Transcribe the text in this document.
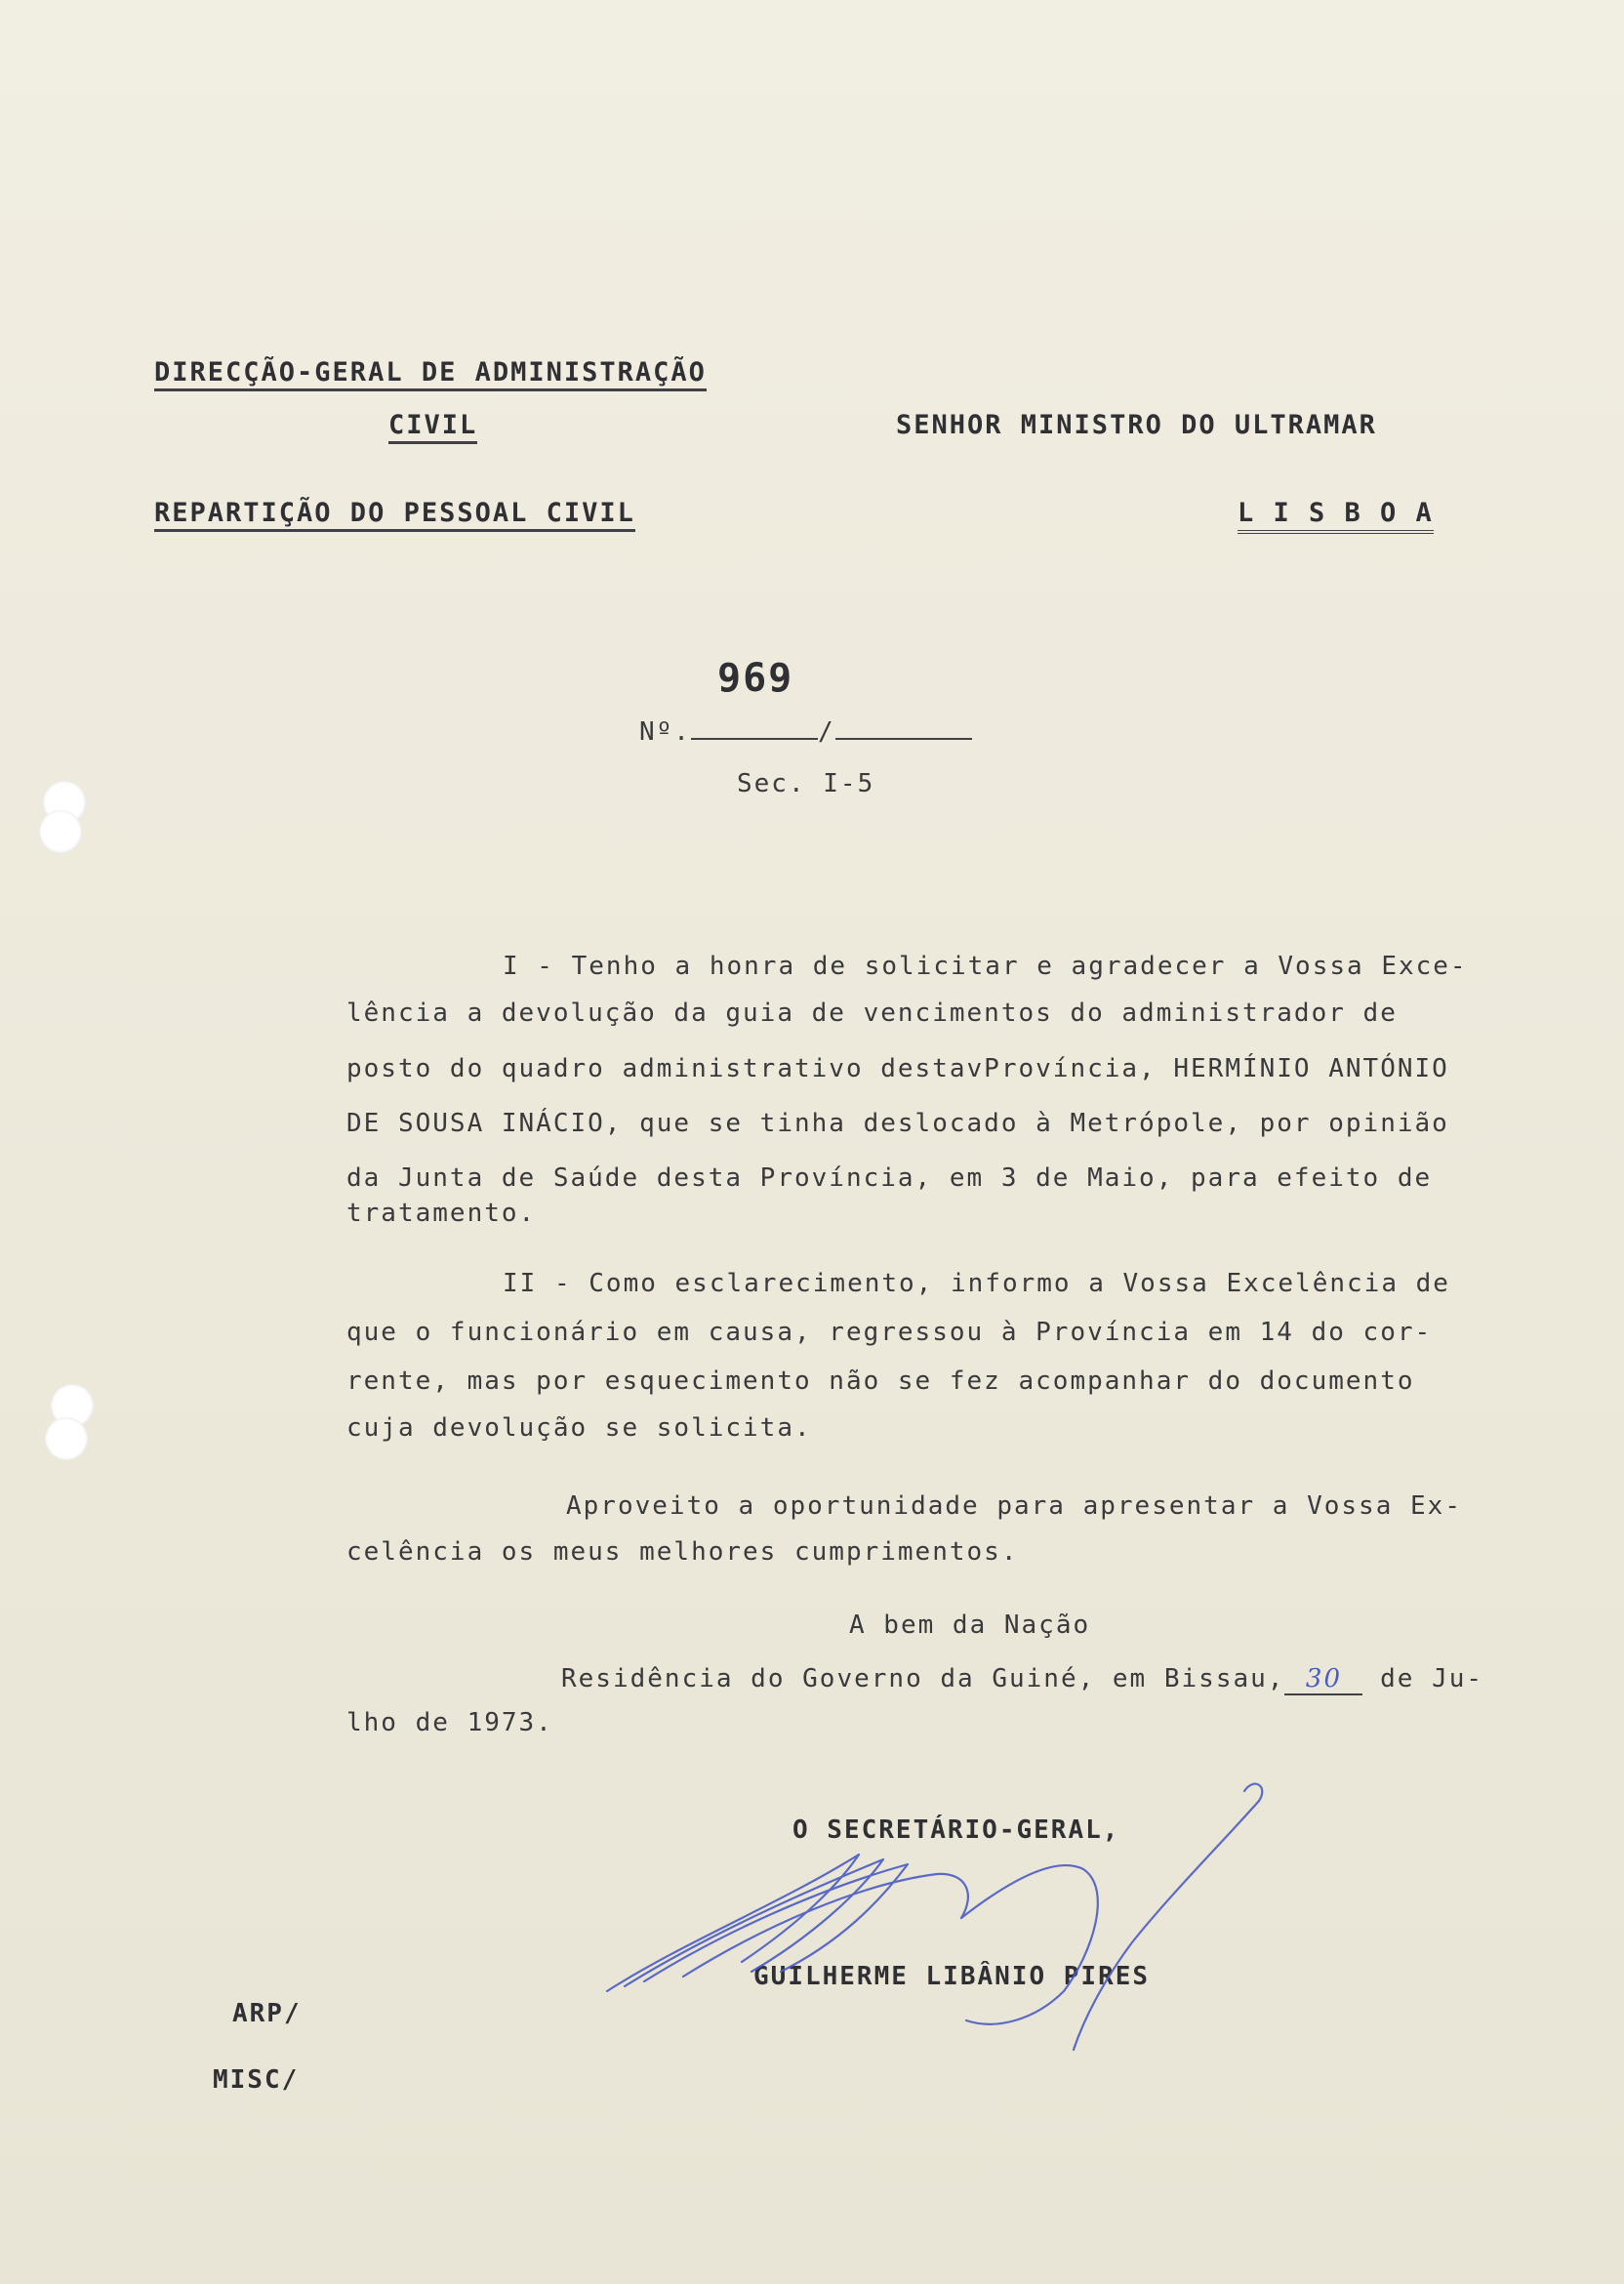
DIRECÇÃO-GERAL DE ADMINISTRAÇÃO
CIVIL
REPARTIÇÃO DO PESSOAL CIVIL
SENHOR MINISTRO DO ULTRAMAR
L I S B O A
969
Nº.	/
Sec. I-5
I - Tenho a honra de solicitar e agradecer a Vossa Exce-
lência a devolução da guia de vencimentos do administrador de
posto do quadro administrativo destavProvíncia, HERMÍNIO ANTÓNIO
DE SOUSA INÁCIO, que se tinha deslocado à Metrópole, por opinião
da Junta de Saúde desta Província, em 3 de Maio, para efeito de
tratamento.
II - Como esclarecimento, informo a Vossa Excelência de
que o funcionário em causa, regressou à Província em 14 do cor-
rente, mas por esquecimento não se fez acompanhar do documento
cuja devolução se solicita.
Aproveito a oportunidade para apresentar a Vossa Ex-
celência os meus melhores cumprimentos.
A bem da Nação
Residência do Governo da Guiné, em Bissau, 30 de Ju-
lho de 1973.
O SECRETÁRIO-GERAL,
GUILHERME LIBÂNIO PIRES
ARP/
MISC/
